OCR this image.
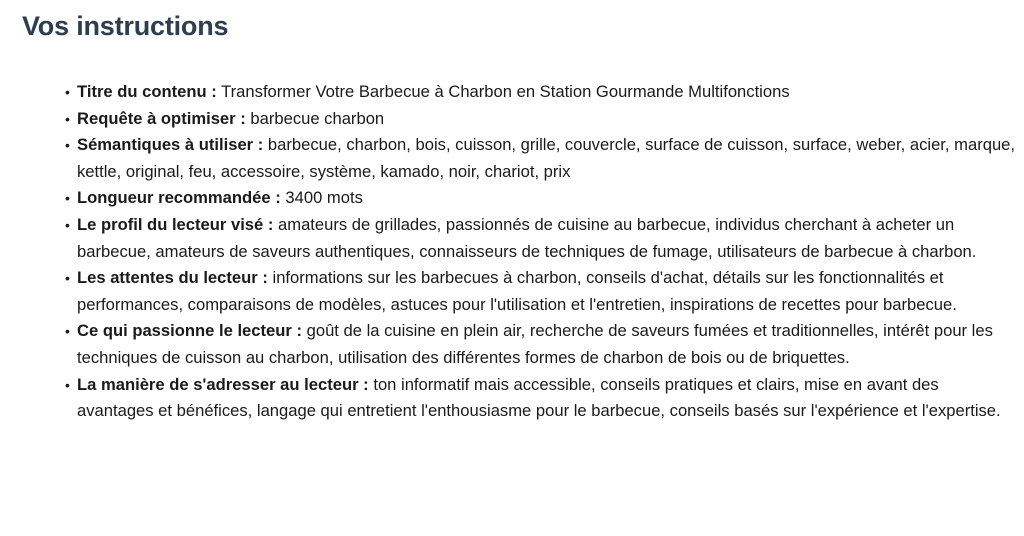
Vos instructions
• Titre du contenu : Transformer Votre Barbecue à Charbon en Station Gourmande Multifonctions
• Requête à optimiser : barbecue charbon
• Sémantiques à utiliser : barbecue, charbon, bois, cuisson, grille, couvercle, surface de cuisson, surface, weber, acier, marque, kettle, original, feu, accessoire, système, kamado, noir, chariot, prix
• Longueur recommandée : 3400 mots
• Le profil du lecteur visé : amateurs de grillades, passionnés de cuisine au barbecue, individus cherchant à acheter un barbecue, amateurs de saveurs authentiques, connaisseurs de techniques de fumage, utilisateurs de barbecue à charbon.
• Les attentes du lecteur : informations sur les barbecues à charbon, conseils d'achat, détails sur les fonctionnalités et performances, comparaisons de modèles, astuces pour l'utilisation et l'entretien, inspirations de recettes pour barbecue.
• Ce qui passionne le lecteur : goût de la cuisine en plein air, recherche de saveurs fumées et traditionnelles, intérêt pour les techniques de cuisson au charbon, utilisation des différentes formes de charbon de bois ou de briquettes.
• La manière de s'adresser au lecteur : ton informatif mais accessible, conseils pratiques et clairs, mise en avant des avantages et bénéfices, langage qui entretient l'enthousiasme pour le barbecue, conseils basés sur l'expérience et l'expertise.
